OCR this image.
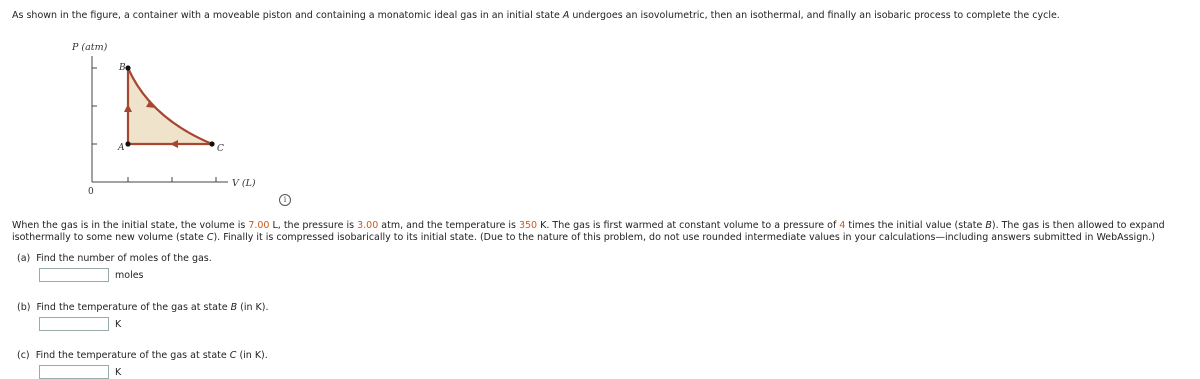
As shown in the figure, a container with a moveable piston and containing a monatomic ideal gas in an initial state A undergoes an isovolumetric, then an isothermal, and finally an isobaric process to complete the cycle.
P (atm)
V (L)
0
A
B
C
i
When the gas is in the initial state, the volume is 7.00 L, the pressure is 3.00 atm, and the temperature is 350 K. The gas is first warmed at constant volume to a pressure of 4 times the initial value (state B). The gas is then allowed to expand isothermally to some new volume (state C). Finally it is compressed isobarically to its initial state. (Due to the nature of this problem, do not use rounded intermediate values in your calculations—including answers submitted in WebAssign.)
(a) Find the number of moles of the gas.
moles
(b) Find the temperature of the gas at state B (in K).
K
(c) Find the temperature of the gas at state C (in K).
K
